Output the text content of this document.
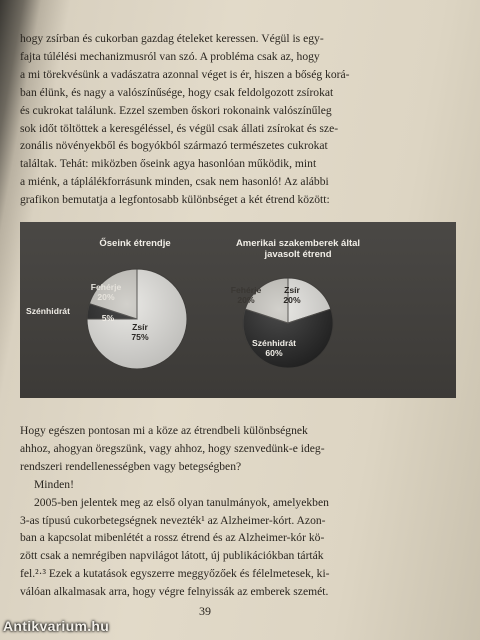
hogy zsírban és cukorban gazdag ételeket keressen. Végül is egy-
fajta túlélési mechanizmusról van szó. A probléma csak az, hogy
a mi törekvésünk a vadászatra azonnal véget is ér, hiszen a bőség korá-
ban élünk, és nagy a valószínűsége, hogy csak feldolgozott zsírokat
és cukrokat találunk. Ezzel szemben őskori rokonaink valószínűleg
sok időt töltöttek a keresgéléssel, és végül csak állati zsírokat és sze-
zonális növényekből és bogyókból származó természetes cukrokat
találtak. Tehát: miközben őseink agya hasonlóan működik, mint
a miénk, a táplálékforrásunk minden, csak nem hasonló! Az alábbi
grafikon bemutatja a legfontosabb különbséget a két étrend között:
Őseink étrendje	Amerikai szakemberek által
javasolt étrend
Fehérje
20%
Szénhidrát
5%
Zsír
75%
Fehérje
20%
Zsír
20%
Szénhidrát
60%
Hogy egészen pontosan mi a köze az étrendbeli különbségnek
ahhoz, ahogyan öregszünk, vagy ahhoz, hogy szenvedünk-e ideg-
rendszeri rendellenességben vagy betegségben?
Minden!
2005-ben jelentek meg az első olyan tanulmányok, amelyekben
3-as típusú cukorbetegségnek nevezték¹ az Alzheimer-kórt. Azon-
ban a kapcsolat mibenlétét a rossz étrend és az Alzheimer-kór kö-
zött csak a nemrégiben napvilágot látott, új publikációkban tárták
fel.²·³ Ezek a kutatások egyszerre meggyőzőek és félelmetesek, ki-
válóan alkalmasak arra, hogy végre felnyissák az emberek szemét.
39
Antikvarium.hu
